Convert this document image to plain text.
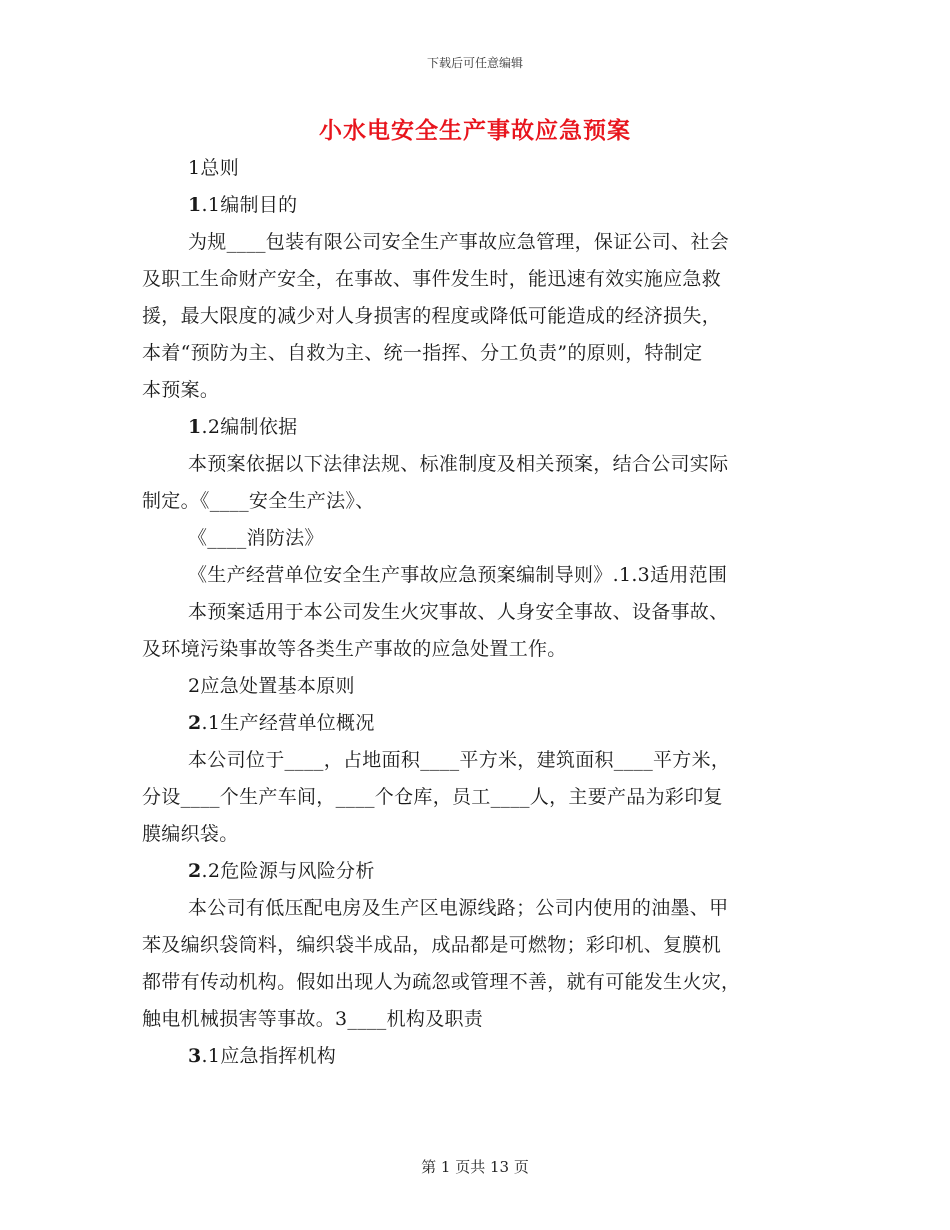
下载后可任意编辑
小水电安全生产事故应急预案
1总则
1.1编制目的
为规____包装有限公司安全生产事故应急管理，保证公司、社会
及职工生命财产安全，在事故、事件发生时，能迅速有效实施应急救
援，最大限度的减少对人身损害的程度或降低可能造成的经济损失，
本着“预防为主、自救为主、统一指挥、分工负责”的原则，特制定
本预案。
1.2编制依据
本预案依据以下法律法规、标准制度及相关预案，结合公司实际
制定。《____安全生产法》、
《____消防法》
《生产经营单位安全生产事故应急预案编制导则》.1.3适用范围
本预案适用于本公司发生火灾事故、人身安全事故、设备事故、
及环境污染事故等各类生产事故的应急处置工作。
2应急处置基本原则
2.1生产经营单位概况
本公司位于____，占地面积____平方米，建筑面积____平方米，
分设____个生产车间，____个仓库，员工____人，主要产品为彩印复
膜编织袋。
2.2危险源与风险分析
本公司有低压配电房及生产区电源线路；公司内使用的油墨、甲
苯及编织袋筒料，编织袋半成品，成品都是可燃物；彩印机、复膜机
都带有传动机构。假如出现人为疏忽或管理不善，就有可能发生火灾，
触电机械损害等事故。3____机构及职责
3.1应急指挥机构
第 1 页共 13 页
